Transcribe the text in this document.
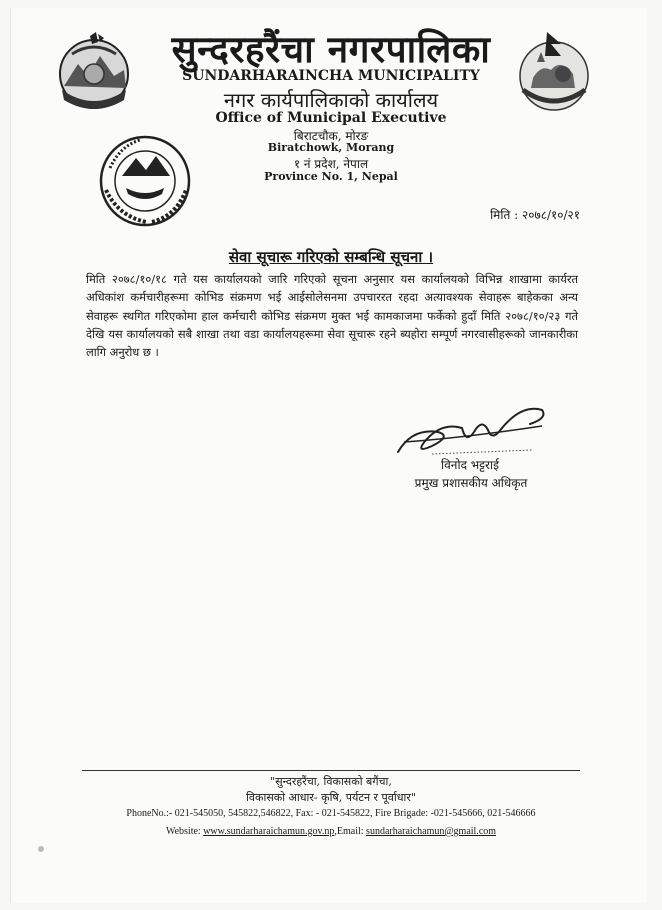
सुन्दरहरैंचा नगरपालिका
SUNDARHARAINCHA MUNICIPALITY
नगर कार्यपालिकाको कार्यालय
Office of Municipal Executive
बिराटचौक, मोरङ
Biratchowk, Morang
१ नं प्रदेश, नेपाल
Province No. 1, Nepal
मिति : २०७८/१०/२१
सेवा सूचारू गरिएको सम्बन्धि सूचना ।
मिति २०७८/१०/१८ गते यस कार्यालयको जारि गरिएको सूचना अनुसार यस कार्यालयको विभिन्न शाखामा कार्यरत अधिकांश कर्मचारीहरूमा कोभिड संक्रमण भई आईसोलेसनमा उपचाररत रहदा अत्यावश्यक सेवाहरू बाहेकका अन्य सेवाहरू स्थगित गरिएकोमा हाल कर्मचारी कोभिड संक्रमण मुक्त भई कामकाजमा फर्केको हुदाँ मिति २०७८/१०/२३ गते देखि यस कार्यालयको सबै शाखा तथा वडा कार्यालयहरूमा सेवा सूचारू रहने ब्यहोरा सम्पूर्ण नगरवासीहरूको जानकारीका लागि अनुरोध छ ।
विनोद भट्टराई
प्रमुख प्रशासकीय अधिकृत
"सुन्दरहरैंचा, विकासको बगैंचा,
विकासको आधार- कृषि, पर्यटन र पूर्वाधार"
PhoneNo.:- 021-545050, 545822,546822, Fax: - 021-545822, Fire Brigade: -021-545666, 021-546666
Website: www.sundarharaichamun.gov.np,Email: sundarharaichamun@gmail.com
